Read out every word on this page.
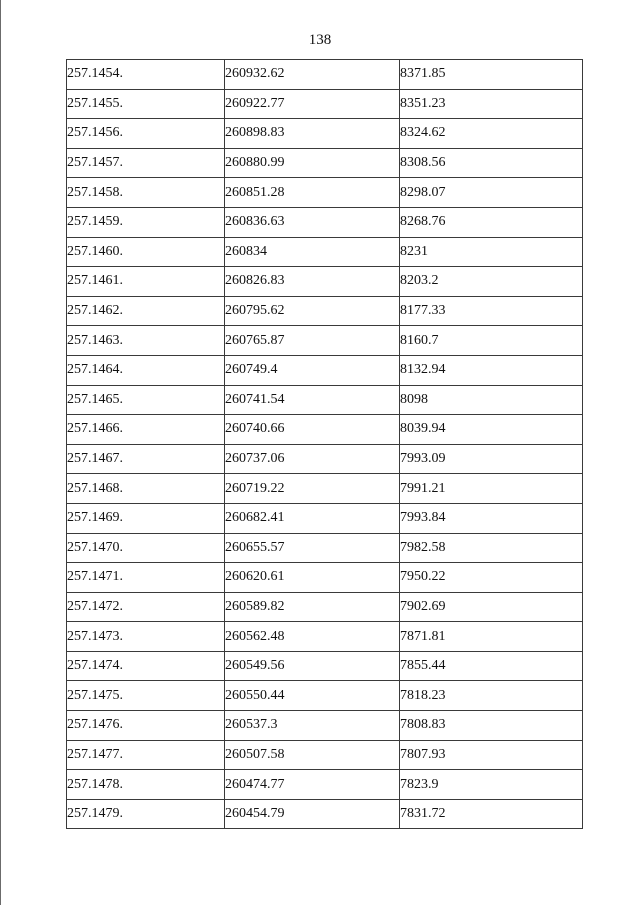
138
257.1454.	260932.62	8371.85
257.1455.	260922.77	8351.23
257.1456.	260898.83	8324.62
257.1457.	260880.99	8308.56
257.1458.	260851.28	8298.07
257.1459.	260836.63	8268.76
257.1460.	260834	8231
257.1461.	260826.83	8203.2
257.1462.	260795.62	8177.33
257.1463.	260765.87	8160.7
257.1464.	260749.4	8132.94
257.1465.	260741.54	8098
257.1466.	260740.66	8039.94
257.1467.	260737.06	7993.09
257.1468.	260719.22	7991.21
257.1469.	260682.41	7993.84
257.1470.	260655.57	7982.58
257.1471.	260620.61	7950.22
257.1472.	260589.82	7902.69
257.1473.	260562.48	7871.81
257.1474.	260549.56	7855.44
257.1475.	260550.44	7818.23
257.1476.	260537.3	7808.83
257.1477.	260507.58	7807.93
257.1478.	260474.77	7823.9
257.1479.	260454.79	7831.72
